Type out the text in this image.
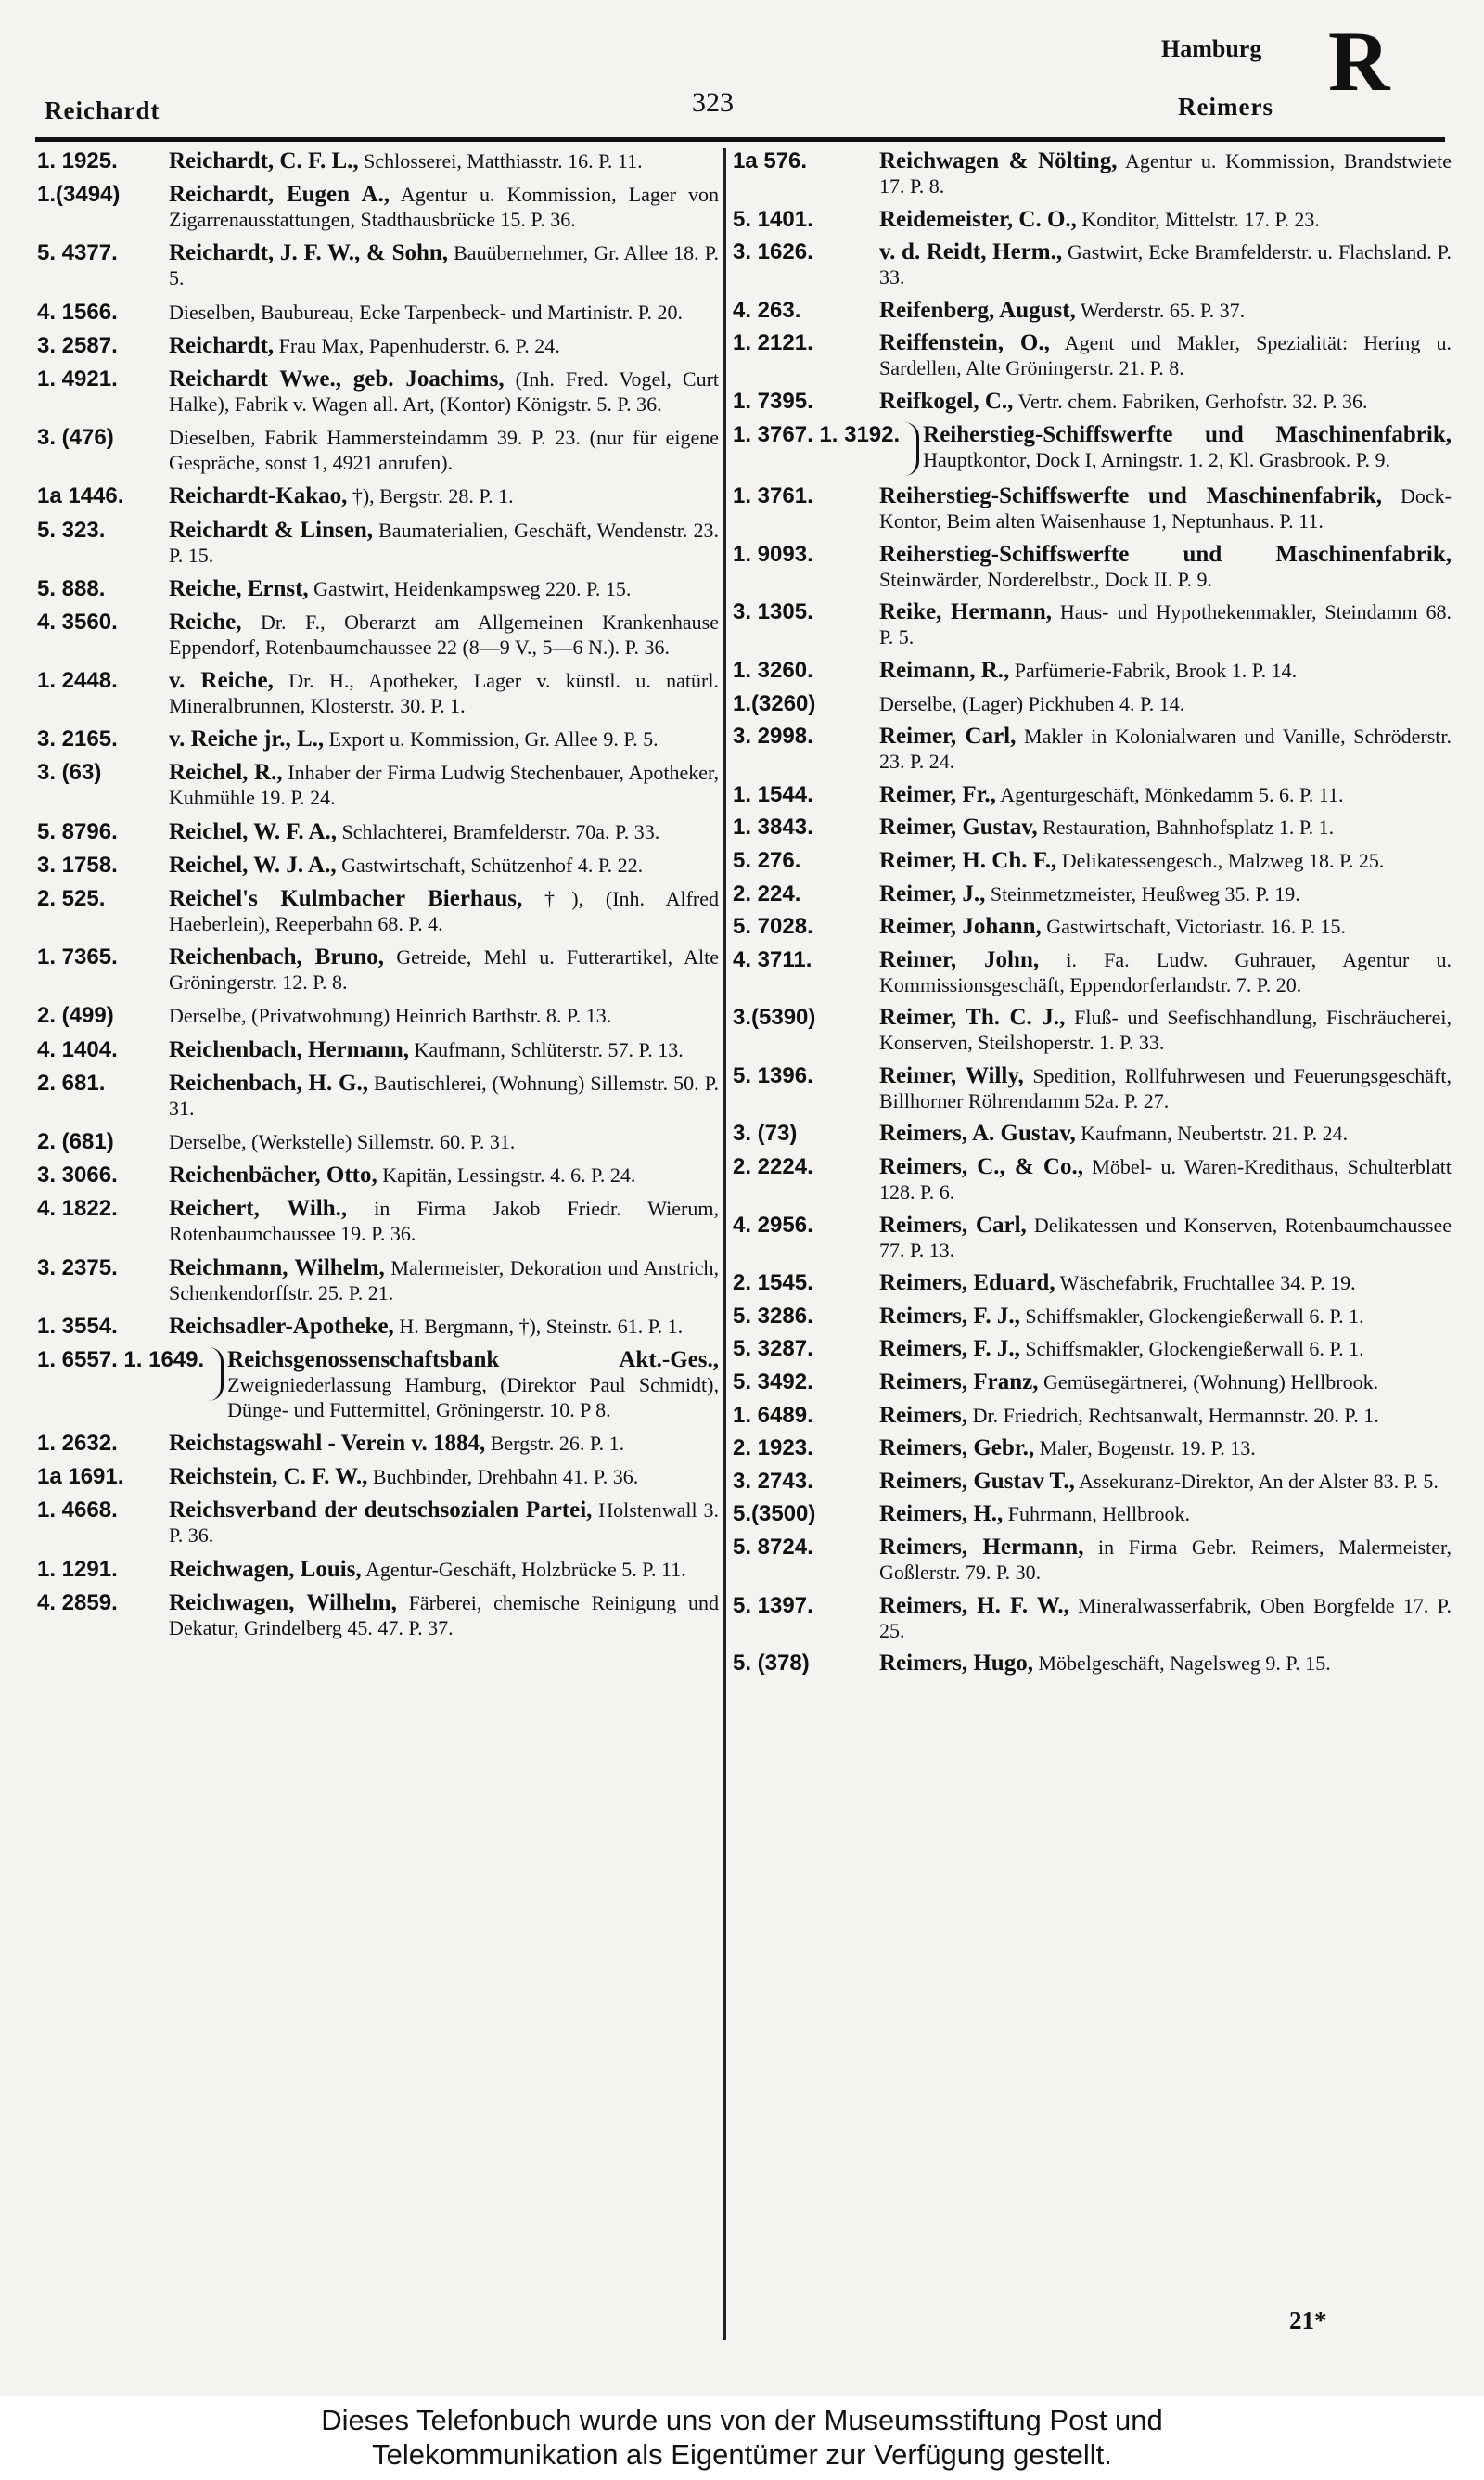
Reichardt	323
Hamburg
Reimers R
1. 1925.	Reichardt, C. F. L., Schlosserei, Matthiasstr. 16. P. 11.
1.(3494)	Reichardt, Eugen A., Agentur u. Kommission, Lager von Zigarrenausstattungen, Stadthausbrücke 15. P. 36.
5. 4377.	Reichardt, J. F. W., & Sohn, Bauübernehmer, Gr. Allee 18. P. 5.
4. 1566.	Dieselben, Baubureau, Ecke Tarpenbeck- und Martinistr. P. 20.
3. 2587.	Reichardt, Frau Max, Papenhuderstr. 6. P. 24.
1. 4921.	Reichardt Wwe., geb. Joachims, (Inh. Fred. Vogel, Curt Halke), Fabrik v. Wagen all. Art, (Kontor) Königstr. 5. P. 36.
3. (476)	Dieselben, Fabrik Hammersteindamm 39. P. 23. (nur für eigene Gespräche, sonst 1, 4921 anrufen).
1a 1446.	Reichardt-Kakao, †), Bergstr. 28. P. 1.
5. 323.	Reichardt & Linsen, Baumaterialien, Geschäft, Wendenstr. 23. P. 15.
5. 888.	Reiche, Ernst, Gastwirt, Heidenkampsweg 220. P. 15.
4. 3560.	Reiche, Dr. F., Oberarzt am Allgemeinen Krankenhause Eppendorf, Rotenbaumchaussee 22 (8—9 V., 5—6 N.). P. 36.
1. 2448.	v. Reiche, Dr. H., Apotheker, Lager v. künstl. u. natürl. Mineralbrunnen, Klosterstr. 30. P. 1.
3. 2165.	v. Reiche jr., L., Export u. Kommission, Gr. Allee 9. P. 5.
3. (63)	Reichel, R., Inhaber der Firma Ludwig Stechenbauer, Apotheker, Kuhmühle 19. P. 24.
5. 8796.	Reichel, W. F. A., Schlachterei, Bramfelderstr. 70a. P. 33.
3. 1758.	Reichel, W. J. A., Gastwirtschaft, Schützenhof 4. P. 22.
2. 525.	Reichel's Kulmbacher Bierhaus, †), (Inh. Alfred Haeberlein), Reeperbahn 68. P. 4.
1. 7365.	Reichenbach, Bruno, Getreide, Mehl u. Futterartikel, Alte Gröningerstr. 12. P. 8.
2. (499)	Derselbe, (Privatwohnung) Heinrich Barthstr. 8. P. 13.
4. 1404.	Reichenbach, Hermann, Kaufmann, Schlüterstr. 57. P. 13.
2. 681.	Reichenbach, H. G., Bautischlerei, (Wohnung) Sillemstr. 50. P. 31.
2. (681)	Derselbe, (Werkstelle) Sillemstr. 60. P. 31.
3. 3066.	Reichenbächer, Otto, Kapitän, Lessingstr. 4. 6. P. 24.
4. 1822.	Reichert, Wilh., in Firma Jakob Friedr. Wierum, Rotenbaumchaussee 19. P. 36.
3. 2375.	Reichmann, Wilhelm, Malermeister, Dekoration und Anstrich, Schenkendorffstr. 25. P. 21.
1. 3554.	Reichsadler-Apotheke, H. Bergmann, †), Steinstr. 61. P. 1.
1. 6557. 1. 1649. Reichsgenossenschaftsbank Akt.-Ges., Zweigniederlassung Hamburg, (Direktor Paul Schmidt), Dünge- und Futtermittel, Gröningerstr. 10. P 8.
1. 2632.	Reichstagswahl - Verein v. 1884, Bergstr. 26. P. 1.
1a 1691.	Reichstein, C. F. W., Buchbinder, Drehbahn 41. P. 36.
1. 4668.	Reichsverband der deutschsozialen Partei, Holstenwall 3. P. 36.
1. 1291.	Reichwagen, Louis, Agentur-Geschäft, Holzbrücke 5. P. 11.
4. 2859.	Reichwagen, Wilhelm, Färberei, chemische Reinigung und Dekatur, Grindelberg 45. 47. P. 37.
1a 576.	Reichwagen & Nölting, Agentur u. Kommission, Brandstwiete 17. P. 8.
5. 1401.	Reidemeister, C. O., Konditor, Mittelstr. 17. P. 23.
3. 1626.	v. d. Reidt, Herm., Gastwirt, Ecke Bramfelderstr. u. Flachsland. P. 33.
4. 263.	Reifenberg, August, Werderstr. 65. P. 37.
1. 2121.	Reiffenstein, O., Agent und Makler, Spezialität: Hering u. Sardellen, Alte Gröningerstr. 21. P. 8.
1. 7395.	Reifkogel, C., Vertr. chem. Fabriken, Gerhofstr. 32. P. 36.
1. 3767. 1. 3192. Reiherstieg-Schiffswerfte und Maschinenfabrik, Hauptkontor, Dock I, Arningstr. 1. 2, Kl. Grasbrook. P. 9.
1. 3761.	Reiherstieg-Schiffswerfte und Maschinenfabrik, Dock-Kontor, Beim alten Waisenhause 1, Neptunhaus. P. 11.
1. 9093.	Reiherstieg-Schiffswerfte und Maschinenfabrik, Steinwärder, Norderelbstr., Dock II. P. 9.
3. 1305.	Reike, Hermann, Haus- und Hypothekenmakler, Steindamm 68. P. 5.
1. 3260.	Reimann, R., Parfümerie-Fabrik, Brook 1. P. 14.
1.(3260)	Derselbe, (Lager) Pickhuben 4. P. 14.
3. 2998.	Reimer, Carl, Makler in Kolonialwaren und Vanille, Schröderstr. 23. P. 24.
1. 1544.	Reimer, Fr., Agenturgeschäft, Mönkedamm 5. 6. P. 11.
1. 3843.	Reimer, Gustav, Restauration, Bahnhofsplatz 1. P. 1.
5. 276.	Reimer, H. Ch. F., Delikatessengesch., Malzweg 18. P. 25.
2. 224.	Reimer, J., Steinmetzmeister, Heußweg 35. P. 19.
5. 7028.	Reimer, Johann, Gastwirtschaft, Victoriastr. 16. P. 15.
4. 3711.	Reimer, John, i. Fa. Ludw. Guhrauer, Agentur u. Kommissionsgeschäft, Eppendorferlandstr. 7. P. 20.
3.(5390)	Reimer, Th. C. J., Fluß- und Seefischhandlung, Fischräucherei, Konserven, Steilshoperstr. 1. P. 33.
5. 1396.	Reimer, Willy, Spedition, Rollfuhrwesen und Feuerungsgeschäft, Billhorner Röhrendamm 52a. P. 27.
3. (73)	Reimers, A. Gustav, Kaufmann, Neubertstr. 21. P. 24.
2. 2224.	Reimers, C., & Co., Möbel- u. Waren-Kredithaus, Schulterblatt 128. P. 6.
4. 2956.	Reimers, Carl, Delikatessen und Konserven, Rotenbaumchaussee 77. P. 13.
2. 1545.	Reimers, Eduard, Wäschefabrik, Fruchtallee 34. P. 19.
5. 3286.	Reimers, F. J., Schiffsmakler, Glockengießerwall 6. P. 1.
5. 3287.	Reimers, F. J., Schiffsmakler, Glockengießerwall 6. P. 1.
5. 3492.	Reimers, Franz, Gemüsegärtnerei, (Wohnung) Hellbrook.
1. 6489.	Reimers, Dr. Friedrich, Rechtsanwalt, Hermannstr. 20. P. 1.
2. 1923.	Reimers, Gebr., Maler, Bogenstr. 19. P. 13.
3. 2743.	Reimers, Gustav T., Assekuranz-Direktor, An der Alster 83. P. 5.
5.(3500)	Reimers, H., Fuhrmann, Hellbrook.
5. 8724.	Reimers, Hermann, in Firma Gebr. Reimers, Malermeister, Goßlerstr. 79. P. 30.
5. 1397.	Reimers, H. F. W., Mineralwasserfabrik, Oben Borgfelde 17. P. 25.
5. (378)	Reimers, Hugo, Möbelgeschäft, Nagelsweg 9. P. 15.
21*
Dieses Telefonbuch wurde uns von der Museumsstiftung Post und
Telekommunikation als Eigentümer zur Verfügung gestellt.
